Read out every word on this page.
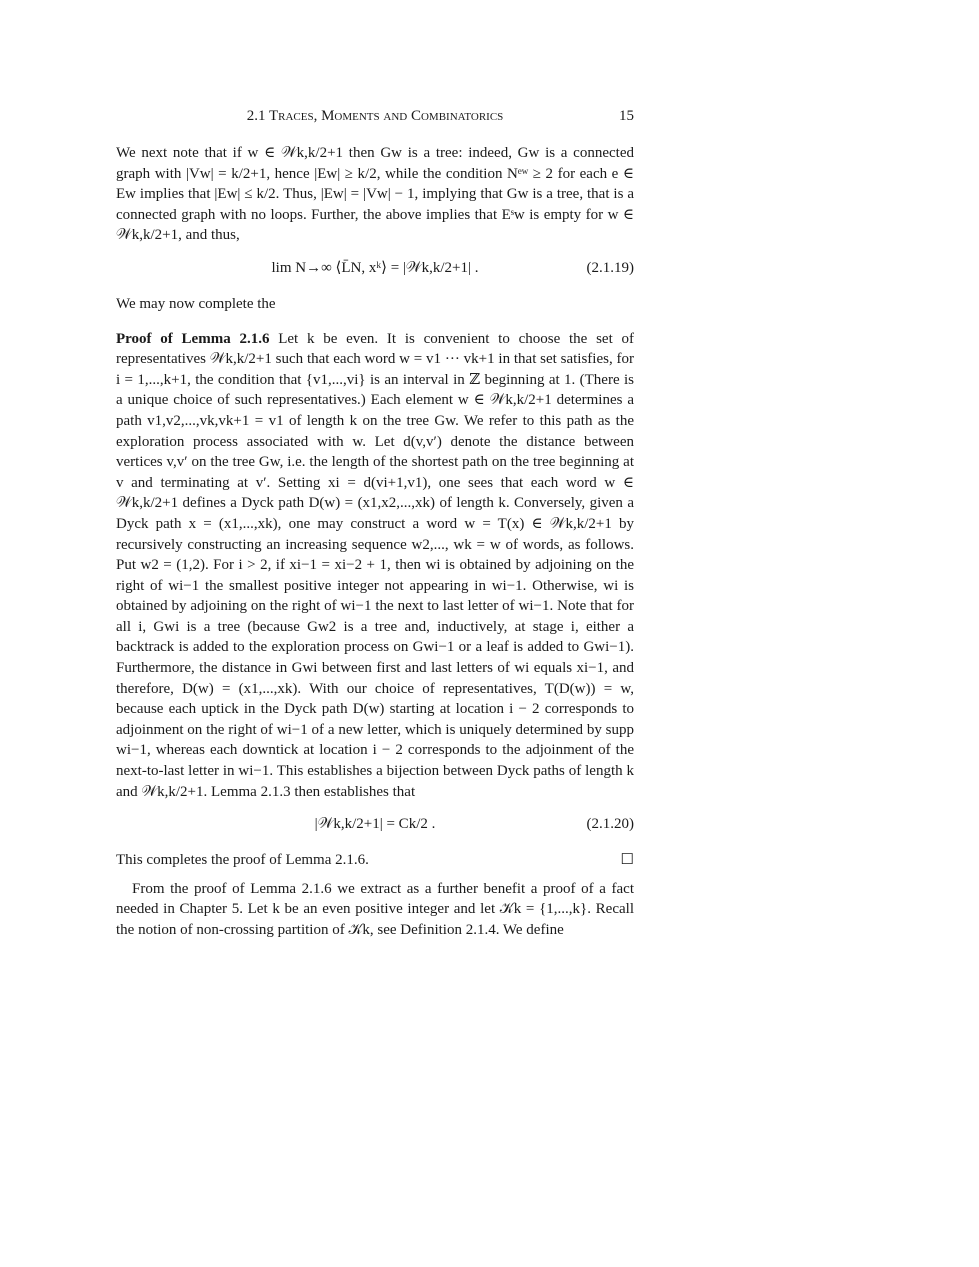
2.1 Traces, Moments and Combinatorics	15

We next note that if w ∈ 𝒲k,k/2+1 then Gw is a tree: indeed, Gw is a connected graph with |Vw| = k/2+1, hence |Ew| ≥ k/2, while the condition Nᵉʷ ≥ 2 for each e ∈ Ew implies that |Ew| ≤ k/2. Thus, |Ew| = |Vw| − 1, implying that Gw is a tree, that is a connected graph with no loops. Further, the above implies that Eˢw is empty for w ∈ 𝒲k,k/2+1, and thus,

lim N→∞ ⟨L̄N, xᵏ⟩ = |𝒲k,k/2+1| .	(2.1.19)

We may now complete the

Proof of Lemma 2.1.6 Let k be even. It is convenient to choose the set of representatives 𝒲k,k/2+1 such that each word w = v1 ··· vk+1 in that set satisfies, for i = 1,...,k+1, the condition that {v1,...,vi} is an interval in ℤ beginning at 1. (There is a unique choice of such representatives.) Each element w ∈ 𝒲k,k/2+1 determines a path v1,v2,...,vk,vk+1 = v1 of length k on the tree Gw. We refer to this path as the exploration process associated with w. Let d(v,v′) denote the distance between vertices v,v′ on the tree Gw, i.e. the length of the shortest path on the tree beginning at v and terminating at v′. Setting xi = d(vi+1,v1), one sees that each word w ∈ 𝒲k,k/2+1 defines a Dyck path D(w) = (x1,x2,...,xk) of length k. Conversely, given a Dyck path x = (x1,...,xk), one may construct a word w = T(x) ∈ 𝒲k,k/2+1 by recursively constructing an increasing sequence w2,..., wk = w of words, as follows. Put w2 = (1,2). For i > 2, if xi−1 = xi−2 + 1, then wi is obtained by adjoining on the right of wi−1 the smallest positive integer not appearing in wi−1. Otherwise, wi is obtained by adjoining on the right of wi−1 the next to last letter of wi−1. Note that for all i, Gwi is a tree (because Gw2 is a tree and, inductively, at stage i, either a backtrack is added to the exploration process on Gwi−1 or a leaf is added to Gwi−1). Furthermore, the distance in Gwi between first and last letters of wi equals xi−1, and therefore, D(w) = (x1,...,xk). With our choice of representatives, T(D(w)) = w, because each uptick in the Dyck path D(w) starting at location i − 2 corresponds to adjoinment on the right of wi−1 of a new letter, which is uniquely determined by supp wi−1, whereas each downtick at location i − 2 corresponds to the adjoinment of the next-to-last letter in wi−1. This establishes a bijection between Dyck paths of length k and 𝒲k,k/2+1. Lemma 2.1.3 then establishes that

|𝒲k,k/2+1| = Ck/2 .	(2.1.20)

This completes the proof of Lemma 2.1.6.	☐

From the proof of Lemma 2.1.6 we extract as a further benefit a proof of a fact needed in Chapter 5. Let k be an even positive integer and let 𝒦k = {1,...,k}. Recall the notion of non-crossing partition of 𝒦k, see Definition 2.1.4. We define
